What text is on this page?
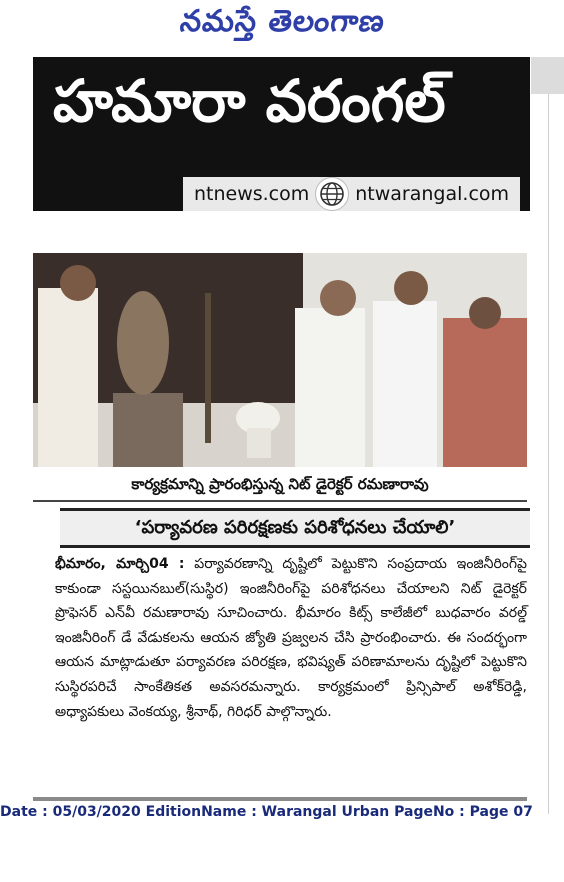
నమస్తే తెలంగాణ
హమారా వరంగల్
ntnews.com ntwarangal.com
కార్యక్రమాన్ని ప్రారంభిస్తున్న నిట్ డైరెక్టర్ రమణారావు
‘పర్యావరణ పరిరక్షణకు పరిశోధనలు చేయాలి’
భీమారం, మార్చి04 : పర్యావరణాన్ని దృష్టిలో పెట్టుకొని సంప్రదాయ ఇంజినీరింగ్‌పై కాకుండా సస్టయినబుల్(సుస్థిర) ఇంజినీరింగ్‌పై పరిశోధనలు చేయాలని నిట్ డైరెక్టర్ ప్రొఫెసర్ ఎన్‌వీ రమణారావు సూచించారు. భీమారం కిట్స్ కాలేజీలో బుధవారం వరల్డ్ ఇంజినీరింగ్ డే వేడుకలను ఆయన జ్యోతి ప్రజ్వలన చేసి ప్రారంభించారు. ఈ సందర్భంగా ఆయన మాట్లాడుతూ పర్యావరణ పరిరక్షణ, భవిష్యత్ పరిణామాలను దృష్టిలో పెట్టుకొని సుస్థిరపరిచే సాంకేతికత అవసరమన్నారు. కార్యక్రమంలో ప్రిన్సిపాల్ అశోక్‌రెడ్డి, అధ్యాపకులు వెంకయ్య, శ్రీనాథ్, గిరిధర్ పాల్గొన్నారు.
Date : 05/03/2020 EditionName : Warangal Urban PageNo : Page 07
